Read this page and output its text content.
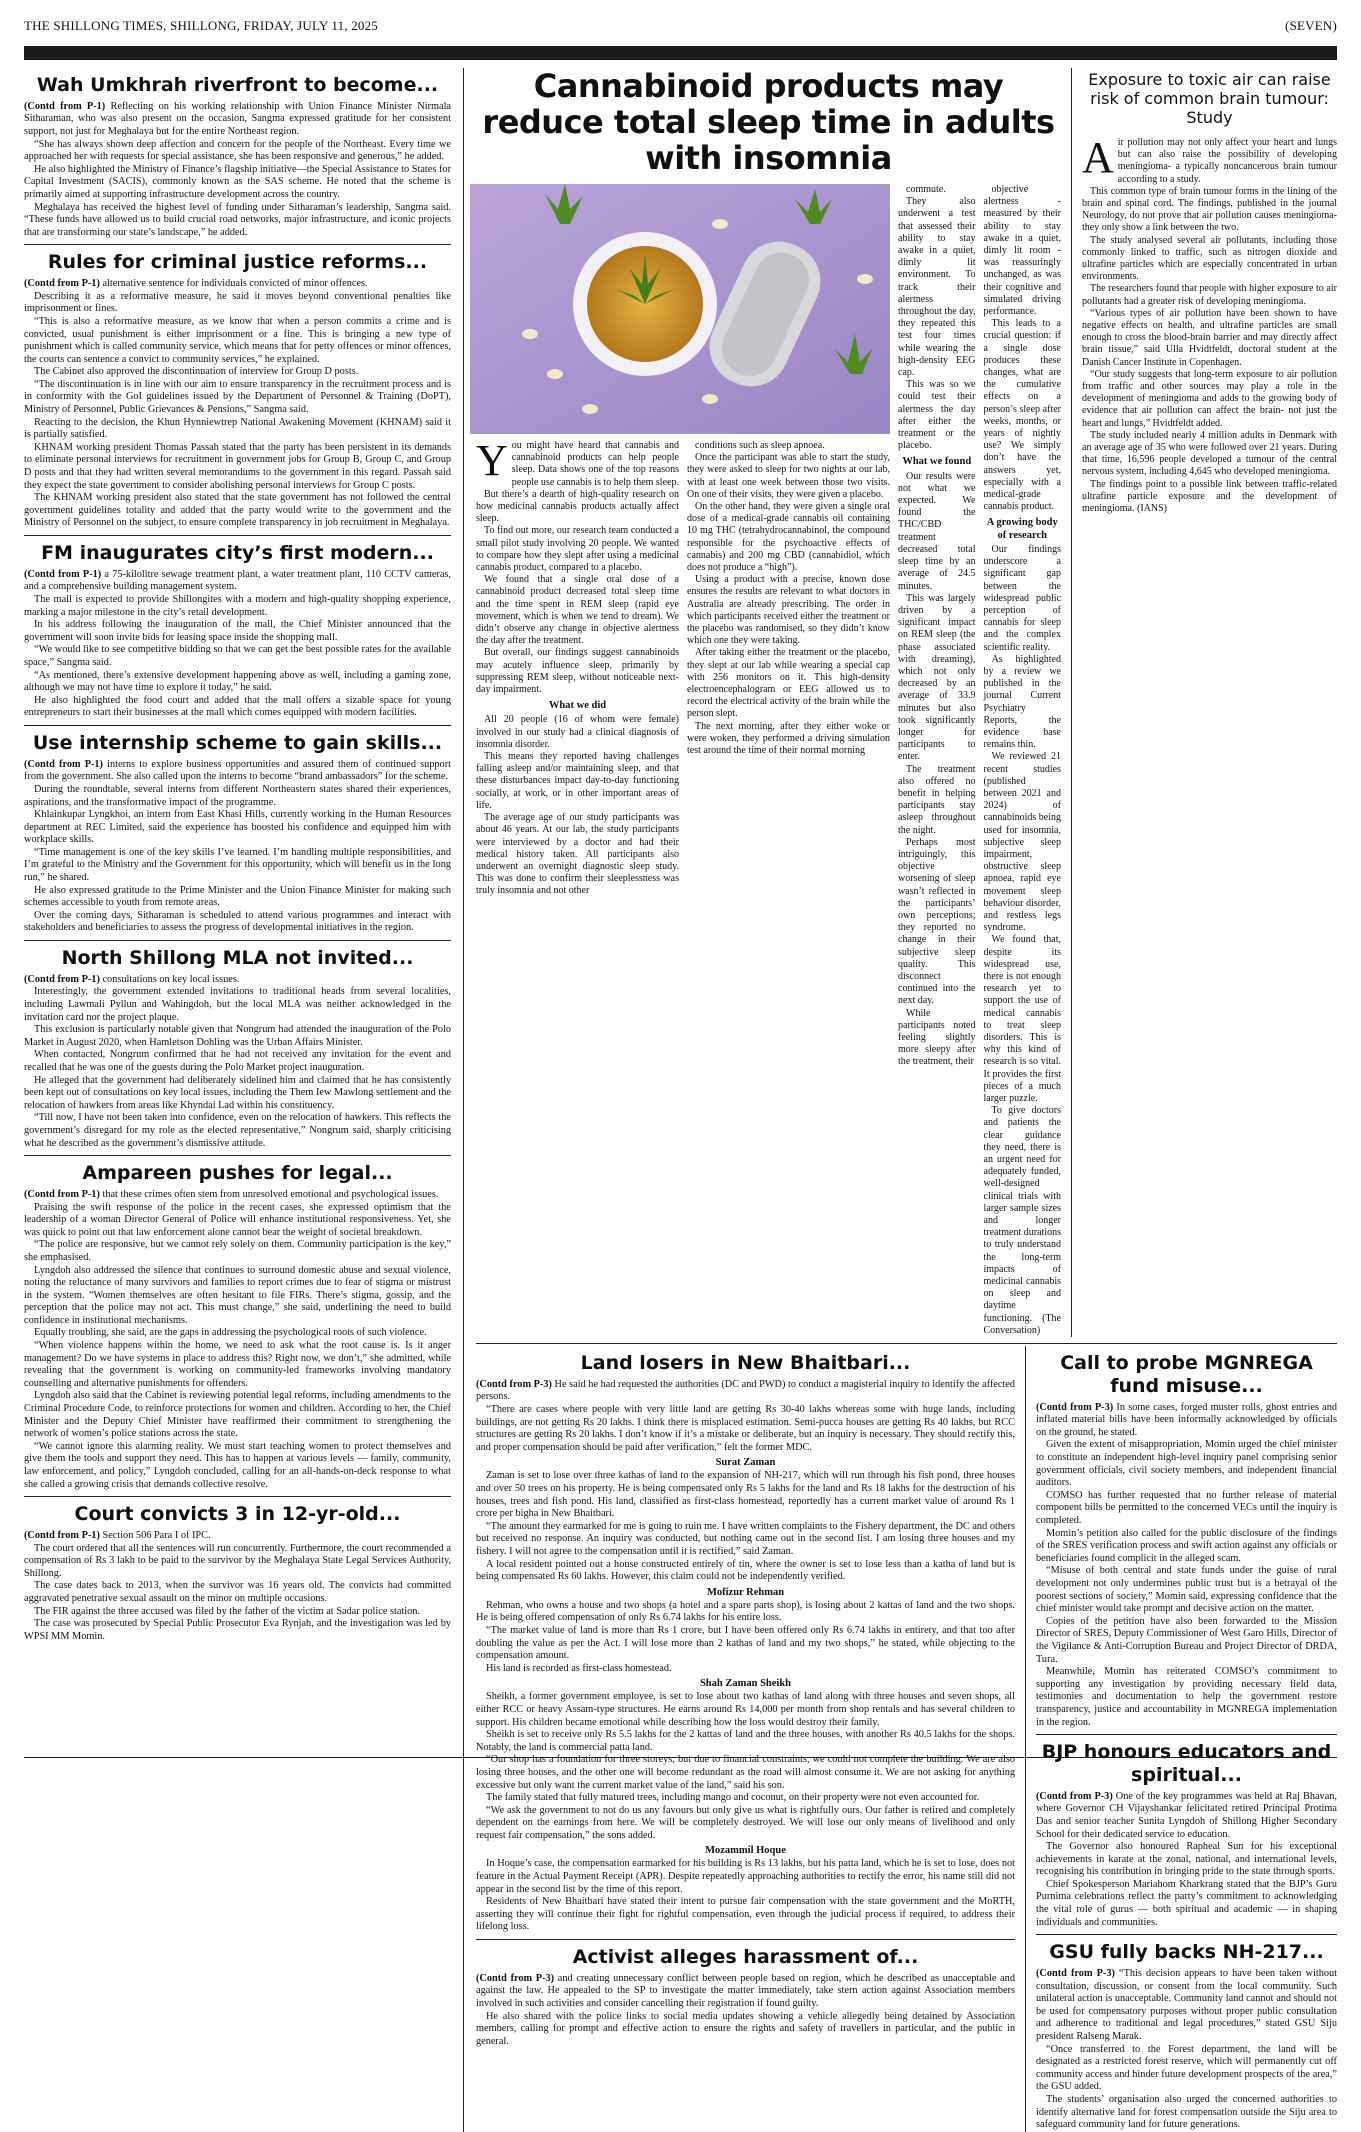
THE SHILLONG TIMES, SHILLONG, FRIDAY, JULY 11, 2025	(SEVEN)
Wah Umkhrah riverfront to become...

(Contd from P-1) Reflecting on his working relationship with Union Finance Minister Nirmala Sitharaman, who was also present on the occasion, Sangma expressed gratitude for her consistent support, not just for Meghalaya but for the entire Northeast region.

“She has always shown deep affection and concern for the people of the Northeast. Every time we approached her with requests for special assistance, she has been responsive and generous,” he added.

He also highlighted the Ministry of Finance’s flagship initiative—the Special Assistance to States for Capital Investment (SACIS), commonly known as the SAS scheme. He noted that the scheme is primarily aimed at supporting infrastructure development across the country.

Meghalaya has received the highest level of funding under Sitharaman’s leadership, Sangma said. “These funds have allowed us to build crucial road networks, major infrastructure, and iconic projects that are transforming our state’s landscape,” he added.

Rules for criminal justice reforms...

(Contd from P-1) alternative sentence for individuals convicted of minor offences.

Describing it as a reformative measure, he said it moves beyond conventional penalties like imprisonment or fines.

“This is also a reformative measure, as we know that when a person commits a crime and is convicted, usual punishment is either imprisonment or a fine. This is bringing a new type of punishment which is called community service, which means that for petty offences or minor offences, the courts can sentence a convict to community services,” he explained.

The Cabinet also approved the discontinuation of interview for Group D posts.

“The discontinuation is in line with our aim to ensure transparency in the recruitment process and is in conformity with the GoI guidelines issued by the Department of Personnel & Training (DoPT), Ministry of Personnel, Public Grievances & Pensions,” Sangma said.

Reacting to the decision, the Khun Hynniewtrep National Awakening Movement (KHNAM) said it is partially satisfied.

KHNAM working president Thomas Passah stated that the party has been persistent in its demands to eliminate personal interviews for recruitment in government jobs for Group B, Group C, and Group D posts and that they had written several memorandums to the government in this regard. Passah said they expect the state government to consider abolishing personal interviews for Group C posts.

The KHNAM working president also stated that the state government has not followed the central government guidelines totality and added that the party would write to the government and the Ministry of Personnel on the subject, to ensure complete transparency in job recruitment in Meghalaya.

FM inaugurates city’s first modern...

(Contd from P-1) a 75-kilolitre sewage treatment plant, a water treatment plant, 110 CCTV cameras, and a comprehensive building management system.

The mall is expected to provide Shillongites with a modern and high-quality shopping experience, marking a major milestone in the city’s retail development.

In his address following the inauguration of the mall, the Chief Minister announced that the government will soon invite bids for leasing space inside the shopping mall.

“We would like to see competitive bidding so that we can get the best possible rates for the available space,” Sangma said.

“As mentioned, there’s extensive development happening above as well, including a gaming zone, although we may not have time to explore it today,” he said.

He also highlighted the food court and added that the mall offers a sizable space for young entrepreneurs to start their businesses at the mall which comes equipped with modern facilities.

Use internship scheme to gain skills...

(Contd from P-1) interns to explore business opportunities and assured them of continued support from the government. She also called upon the interns to become “brand ambassadors” for the scheme.

During the roundtable, several interns from different Northeastern states shared their experiences, aspirations, and the transformative impact of the programme.

Khlainkupar Lyngkhoi, an intern from East Khasi Hills, currently working in the Human Resources department at REC Limited, said the experience has boosted his confidence and equipped him with workplace skills.

“Time management is one of the key skills I’ve learned. I’m handling multiple responsibilities, and I’m grateful to the Ministry and the Government for this opportunity, which will benefit us in the long run,” he shared.

He also expressed gratitude to the Prime Minister and the Union Finance Minister for making such schemes accessible to youth from remote areas.

Over the coming days, Sitharaman is scheduled to attend various programmes and interact with stakeholders and beneficiaries to assess the progress of developmental initiatives in the region.

North Shillong MLA not invited...

(Contd from P-1) consultations on key local issues.

Interestingly, the government extended invitations to traditional heads from several localities, including Lawmali Pyllun and Wahingdoh, but the local MLA was neither acknowledged in the invitation card nor the project plaque.

This exclusion is particularly notable given that Nongrum had attended the inauguration of the Polo Market in August 2020, when Hamletson Dohling was the Urban Affairs Minister.

When contacted, Nongrum confirmed that he had not received any invitation for the event and recalled that he was one of the guests during the Polo Market project inauguration.

He alleged that the government had deliberately sidelined him and claimed that he has consistently been kept out of consultations on key local issues, including the Them Iew Mawlong settlement and the relocation of hawkers from areas like Khyndai Lad within his constituency.

“Till now, I have not been taken into confidence, even on the relocation of hawkers. This reflects the government’s disregard for my role as the elected representative,” Nongrum said, sharply criticising what he described as the government’s dismissive attitude.

Ampareen pushes for legal...

(Contd from P-1) that these crimes often stem from unresolved emotional and psychological issues.

Praising the swift response of the police in the recent cases, she expressed optimism that the leadership of a woman Director General of Police will enhance institutional responsiveness. Yet, she was quick to point out that law enforcement alone cannot bear the weight of societal breakdown.

“The police are responsive, but we cannot rely solely on them. Community participation is the key,” she emphasised.

Lyngdoh also addressed the silence that continues to surround domestic abuse and sexual violence, noting the reluctance of many survivors and families to report crimes due to fear of stigma or mistrust in the system. “Women themselves are often hesitant to file FIRs. There’s stigma, gossip, and the perception that the police may not act. This must change,” she said, underlining the need to build confidence in institutional mechanisms.

Equally troubling, she said, are the gaps in addressing the psychological roots of such violence.

“When violence happens within the home, we need to ask what the root cause is. Is it anger management? Do we have systems in place to address this? Right now, we don’t,” she admitted, while revealing that the government is working on community-led frameworks involving mandatory counselling and alternative punishments for offenders.

Lyngdoh also said that the Cabinet is reviewing potential legal reforms, including amendments to the Criminal Procedure Code, to reinforce protections for women and children. According to her, the Chief Minister and the Deputy Chief Minister have reaffirmed their commitment to strengthening the network of women’s police stations across the state.

“We cannot ignore this alarming reality. We must start teaching women to protect themselves and give them the tools and support they need. This has to happen at various levels — family, community, law enforcement, and policy,” Lyngdoh concluded, calling for an all-hands-on-deck response to what she called a growing crisis that demands collective resolve.

Court convicts 3 in 12-yr-old...

(Contd from P-1) Section 506 Para I of IPC.

The court ordered that all the sentences will run concurrently. Furthermore, the court recommended a compensation of Rs 3 lakh to be paid to the survivor by the Meghalaya State Legal Services Authority, Shillong.

The case dates back to 2013, when the survivor was 16 years old. The convicts had committed aggravated penetrative sexual assault on the minor on multiple occasions.

The FIR against the three accused was filed by the father of the victim at Sadar police station.

The case was prosecuted by Special Public Prosecutor Eva Rynjah, and the investigation was led by WPSI MM Momin.

Cannabinoid products may reduce total sleep time in adults with insomnia
Y ou might have heard that cannabis and cannabinoid products can help people sleep. Data shows one of the top reasons people use cannabis is to help them sleep.

But there’s a dearth of high-quality research on how medicinal cannabis products actually affect sleep.

To find out more, our research team conducted a small pilot study involving 20 people. We wanted to compare how they slept after using a medicinal cannabis product, compared to a placebo.

We found that a single oral dose of a cannabinoid product decreased total sleep time and the time spent in REM sleep (rapid eye movement, which is when we tend to dream). We didn’t observe any change in objective alertness the day after the treatment.

But overall, our findings suggest cannabinoids may acutely influence sleep, primarily by suppressing REM sleep, without noticeable next-day impairment.

What we did

All 20 people (16 of whom were female) involved in our study had a clinical diagnosis of insomnia disorder.

This means they reported having challenges falling asleep and/or maintaining sleep, and that these disturbances impact day-to-day functioning socially, at work, or in other important areas of life.

The average age of our study participants was about 46 years. At our lab, the study participants were interviewed by a doctor and had their medical history taken. All participants also underwent an overnight diagnostic sleep study. This was done to confirm their sleeplessness was truly insomnia and not other

conditions such as sleep apnoea.

Once the participant was able to start the study, they were asked to sleep for two nights at our lab, with at least one week between those two visits. On one of their visits, they were given a placebo.

On the other hand, they were given a single oral dose of a medical-grade cannabis oil containing 10 mg THC (tetrahydrocannabinol, the compound responsible for the psychoactive effects of cannabis) and 200 mg CBD (cannabidiol, which does not produce a “high”).

Using a product with a precise, known dose ensures the results are relevant to what doctors in Australia are already prescribing. The order in which participants received either the treatment or the placebo was randomised, so they didn’t know which one they were taking.

After taking either the treatment or the placebo, they slept at our lab while wearing a special cap with 256 monitors on it. This high-density electroencephalogram or EEG allowed us to record the electrical activity of the brain while the person slept.

The next morning, after they either woke or were woken, they performed a driving simulation test around the time of their normal morning

commute.

They also underwent a test that assessed their ability to stay awake in a quiet, dimly lit environment. To track their alertness throughout the day, they repeated this test four times while wearing the high-density EEG cap.

This was so we could test their alertness the day after either the treatment or the placebo.

What we found

Our results were not what we expected. We found the THC/CBD treatment decreased total sleep time by an average of 24.5 minutes.

This was largely driven by a significant impact on REM sleep (the phase associated with dreaming), which not only decreased by an average of 33.9 minutes but also took significantly longer for participants to enter.

The treatment also offered no benefit in helping participants stay asleep throughout the night.

Perhaps most intriguingly, this objective worsening of sleep wasn’t reflected in the participants’ own perceptions; they reported no change in their subjective sleep quality. This disconnect continued into the next day.

While participants noted feeling slightly more sleepy after the treatment, their

objective alertness - measured by their ability to stay awake in a quiet, dimly lit room - was reassuringly unchanged, as was their cognitive and simulated driving performance.

This leads to a crucial question: if a single dose produces these changes, what are the cumulative effects on a person’s sleep after weeks, months, or years of nightly use? We simply don’t have the answers yet, especially with a medical-grade cannabis product.

A growing body of research

Our findings underscore a significant gap between the widespread public perception of cannabis for sleep and the complex scientific reality.

As highlighted by a review we published in the journal Current Psychiatry Reports, the evidence base remains thin.

We reviewed 21 recent studies (published between 2021 and 2024) of cannabinoids being used for insomnia, subjective sleep impairment, obstructive sleep apnoea, rapid eye movement sleep behaviour disorder, and restless legs syndrome.

We found that, despite its widespread use, there is not enough research yet to support the use of medical cannabis to treat sleep disorders. This is why this kind of research is so vital. It provides the first pieces of a much larger puzzle.

To give doctors and patients the clear guidance they need, there is an urgent need for adequately funded, well-designed clinical trials with larger sample sizes and longer treatment durations to truly understand the long-term impacts of medicinal cannabis on sleep and daytime functioning. (The Conversation)

Exposure to toxic air can raise risk of common brain tumour: Study
A ir pollution may not only affect your heart and lungs but can also raise the possibility of developing meningioma- a typically noncancerous brain tumour according to a study.

This common type of brain tumour forms in the lining of the brain and spinal cord. The findings, published in the journal Neurology, do not prove that air pollution causes meningioma- they only show a link between the two.

The study analysed several air pollutants, including those commonly linked to traffic, such as nitrogen dioxide and ultrafine particles which are especially concentrated in urban environments.

The researchers found that people with higher exposure to air pollutants had a greater risk of developing meningioma.

“Various types of air pollution have been shown to have negative effects on health, and ultrafine particles are small enough to cross the blood-brain barrier and may directly affect brain tissue,” said Ulla Hvidtfeldt, doctoral student at the Danish Cancer Institute in Copenhagen.

“Our study suggests that long-term exposure to air pollution from traffic and other sources may play a role in the development of meningioma and adds to the growing body of evidence that air pollution can affect the brain- not just the heart and lungs,” Hvidtfeldt added.

The study included nearly 4 million adults in Denmark with an average age of 35 who were followed over 21 years. During that time, 16,596 people developed a tumour of the central nervous system, including 4,645 who developed meningioma.

The findings point to a possible link between traffic-related ultrafine particle exposure and the development of meningioma. (IANS)

Land losers in New Bhaitbari...

(Contd from P-3) He said he had requested the authorities (DC and PWD) to conduct a magisterial inquiry to identify the affected persons.

“There are cases where people with very little land are getting Rs 30-40 lakhs whereas some with huge lands, including buildings, are not getting Rs 20 lakhs. I think there is misplaced estimation. Semi-pucca houses are getting Rs 40 lakhs, but RCC structures are getting Rs 20 lakhs. I don’t know if it’s a mistake or deliberate, but an inquiry is necessary. They should rectify this, and proper compensation should be paid after verification,” felt the former MDC.

Surat Zaman

Zaman is set to lose over three kathas of land to the expansion of NH-217, which will run through his fish pond, three houses and over 50 trees on his property. He is being compensated only Rs 5 lakhs for the land and Rs 18 lakhs for the destruction of his houses, trees and fish pond. His land, classified as first-class homestead, reportedly has a current market value of around Rs 1 crore per bigha in New Bhaitbari.

“The amount they earmarked for me is going to ruin me. I have written complaints to the Fishery department, the DC and others but received no response. An inquiry was conducted, but nothing came out in the second list. I am losing three houses and my fishery. I will not agree to the compensation until it is rectified,” said Zaman.

A local resident pointed out a house constructed entirely of tin, where the owner is set to lose less than a katha of land but is being compensated Rs 60 lakhs. However, this claim could not be independently verified.

Mofizur Rehman

Rehman, who owns a house and two shops (a hotel and a spare parts shop), is losing about 2 kattas of land and the two shops. He is being offered compensation of only Rs 6.74 lakhs for his entire loss.

“The market value of land is more than Rs 1 crore, but I have been offered only Rs 6.74 lakhs in entirety, and that too after doubling the value as per the Act. I will lose more than 2 kathas of land and my two shops,” he stated, while objecting to the compensation amount.

His land is recorded as first-class homestead.

Shah Zaman Sheikh

Sheikh, a former government employee, is set to lose about two kathas of land along with three houses and seven shops, all either RCC or heavy Assam-type structures. He earns around Rs 14,000 per month from shop rentals and has several children to support. His children became emotional while describing how the loss would destroy their family.

Sheikh is set to receive only Rs 5.5 lakhs for the 2 kattas of land and the three houses, with another Rs 40.5 lakhs for the shops. Notably, the land is commercial patta land.

“Our shop has a foundation for three storeys, but due to financial constraints, we could not complete the building. We are also losing three houses, and the other one will become redundant as the road will almost consume it. We are not asking for anything excessive but only want the current market value of the land,” said his son.

The family stated that fully matured trees, including mango and coconut, on their property were not even accounted for.

“We ask the government to not do us any favours but only give us what is rightfully ours. Our father is retired and completely dependent on the earnings from here. We will be completely destroyed. We will lose our only means of livelihood and only request fair compensation,” the sons added.

Mozammil Hoque

In Hoque’s case, the compensation earmarked for his building is Rs 13 lakhs, but his patta land, which he is set to lose, does not feature in the Actual Payment Receipt (APR). Despite repeatedly approaching authorities to rectify the error, his name still did not appear in the second list by the time of this report.

Residents of New Bhaitbari have stated their intent to pursue fair compensation with the state government and the MoRTH, asserting they will continue their fight for rightful compensation, even through the judicial process if required, to address their lifelong loss.

Activist alleges harassment of...

(Contd from P-3) and creating unnecessary conflict between people based on region, which he described as unacceptable and against the law. He appealed to the SP to investigate the matter immediately, take stern action against Association members involved in such activities and consider cancelling their registration if found guilty.

He also shared with the police links to social media updates showing a vehicle allegedly being detained by Association members, calling for prompt and effective action to ensure the rights and safety of travellers in particular, and the public in general.

Call to probe MGNREGA fund misuse...

(Contd from P-3) In some cases, forged muster rolls, ghost entries and inflated material bills have been informally acknowledged by officials on the ground, he stated.

Given the extent of misappropriation, Momin urged the chief minister to constitute an independent high-level inquiry panel comprising senior government officials, civil society members, and independent financial auditors.

COMSO has further requested that no further release of material component bills be permitted to the concerned VECs until the inquiry is completed.

Momin’s petition also called for the public disclosure of the findings of the SRES verification process and swift action against any officials or beneficiaries found complicit in the alleged scam.

“Misuse of both central and state funds under the guise of rural development not only undermines public trust but is a betrayal of the poorest sections of society,” Momin said, expressing confidence that the chief minister would take prompt and decisive action on the matter.

Copies of the petition have also been forwarded to the Mission Director of SRES, Deputy Commissioner of West Garo Hills, Director of the Vigilance & Anti-Corruption Bureau and Project Director of DRDA, Tura.

Meanwhile, Momin has reiterated COMSO’s commitment to supporting any investigation by providing necessary field data, testimonies and documentation to help the government restore transparency, justice and accountability in MGNREGA implementation in the region.

BJP honours educators and spiritual...

(Contd from P-3) One of the key programmes was held at Raj Bhavan, where Governor CH Vijayshankar felicitated retired Principal Protima Das and senior teacher Sunita Lyngdoh of Shillong Higher Secondary School for their dedicated service to education.

The Governor also honoured Rapheal Sun for his exceptional achievements in karate at the zonal, national, and international levels, recognising his contribution in bringing pride to the state through sports.

Chief Spokesperson Mariahom Kharkrang stated that the BJP’s Guru Purnima celebrations reflect the party’s commitment to acknowledging the vital role of gurus — both spiritual and academic — in shaping individuals and communities.

GSU fully backs NH-217...

(Contd from P-3) “This decision appears to have been taken without consultation, discussion, or consent from the local community. Such unilateral action is unacceptable. Community land cannot and should not be used for compensatory purposes without proper public consultation and adherence to traditional and legal procedures,” stated GSU Siju president Ralseng Marak.

“Once transferred to the Forest department, the land will be designated as a restricted forest reserve, which will permanently cut off community access and hinder future development prospects of the area,” the GSU added.

The students’ organisation also urged the concerned authorities to identify alternative land for forest compensation outside the Siju area to safeguard community land for future generations.
